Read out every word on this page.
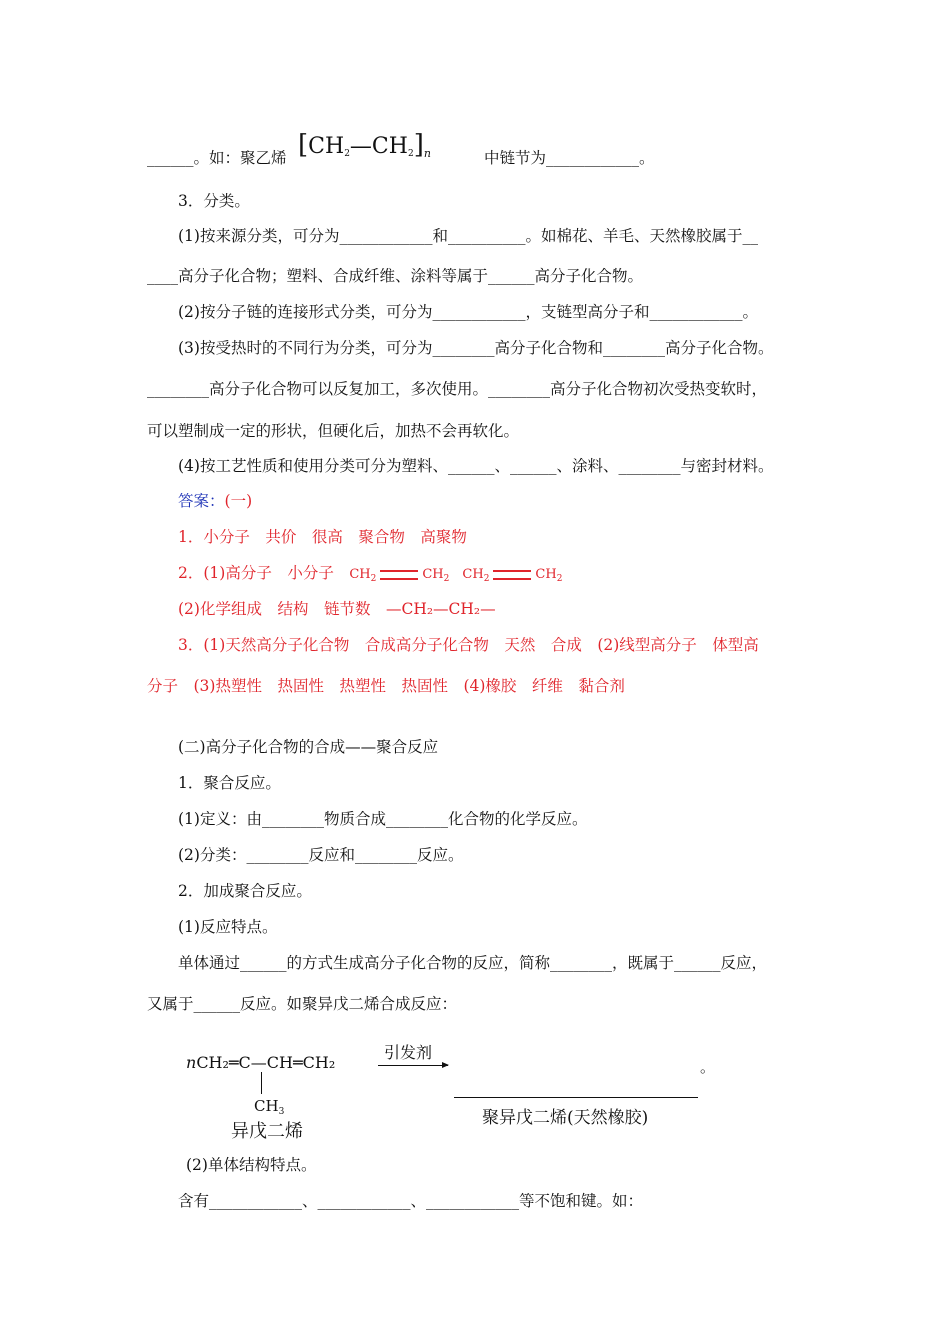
______。如：聚乙烯 $[CH_2—CH_2]n$	中链节为____________。
3．分类。
(1)按来源分类，可分为____________和__________。如棉花、羊毛、天然橡胶属于__
____高分子化合物；塑料、合成纤维、涂料等属于______高分子化合物。
(2)按分子链的连接形式分类，可分为____________，支链型高分子和____________。
(3)按受热时的不同行为分类，可分为________高分子化合物和________高分子化合物。
________高分子化合物可以反复加工，多次使用。________高分子化合物初次受热变软时，
可以塑制成一定的形状，但硬化后，加热不会再软化。
(4)按工艺性质和使用分类可分为塑料、______、______、涂料、________与密封材料。
答案：(一)
1．小分子　共价　很高　聚合物　高聚物
2．(1)高分子　小分子　$CH_2$	$CH_2$  $CH_2$	$CH_2$
(2)化学组成　结构　链节数　—CH₂—CH₂—
3．(1)天然高分子化合物　合成高分子化合物　天然　合成　(2)线型高分子　体型高
分子　(3)热塑性　热固性　热塑性　热固性　(4)橡胶　纤维　黏合剂
(二)高分子化合物的合成——聚合反应
1．聚合反应。
(1)定义：由________物质合成________化合物的化学反应。
(2)分类：________反应和________反应。
2．加成聚合反应。
(1)反应特点。
单体通过______的方式生成高分子化合物的反应，简称________，既属于______反应，
又属于______反应。如聚异戊二烯合成反应：
nCH₂═C—CH═CH₂
引发剂
。
$CH_3$
异戊二烯
聚异戊二烯(天然橡胶)
(2)单体结构特点。
含有____________、____________、____________等不饱和键。如：
